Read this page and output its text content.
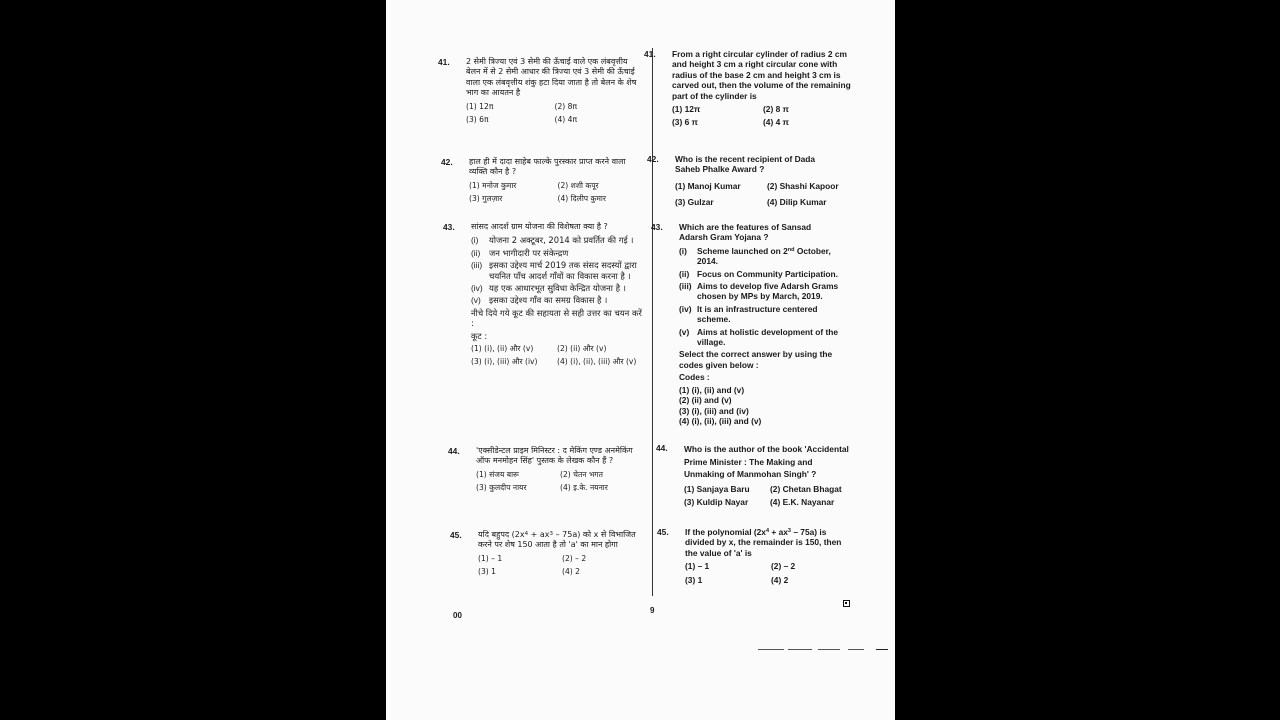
41. 2 सेमी त्रिज्या एवं 3 सेमी की ऊँचाई वाले एक लंबवृत्तीय बेलन में से 2 सेमी आधार की त्रिज्या एवं 3 सेमी की ऊँचाई वाला एक लंबवृत्तीय शंकु हटा दिया जाता है तो बेलन के शेष भाग का आयतन है
(1) 12π	(2) 8π
(3) 6π	(4) 4π
42. हाल ही में दादा साहेब फाल्के पुरस्कार प्राप्त करने वाला व्यक्ति कौन है ?
(1) मनोज कुमार	(2) शशी कपूर
(3) गुलज़ार	(4) दिलीप कुमार
43. सांसद आदर्श ग्राम योजना की विशेषता क्या है ?
(i)	योजना 2 अक्टूबर, 2014 को प्रवर्तित की गई ।
(ii)	जन भागीदारी पर संकेन्द्रण
(iii) इसका उद्देश्य मार्च 2019 तक संसद सदस्यों द्वारा चयनित पाँच आदर्श गाँवों का विकास करना है ।
(iv) यह एक आधारभूत सुविधा केन्द्रित योजना है ।
(v) इसका उद्देश्य गाँव का समग्र विकास है ।
नीचे दिये गये कूट की सहायता से सही उत्तर का चयन करें :
कूट :
(1) (i), (ii) और (v)	(2) (ii) और (v)
(3) (i), (iii) और (iv)	(4) (i), (ii), (iii) और (v)
44. 'एक्सीडेन्टल प्राइम मिनिस्टर : द मेकिंग एण्ड अनमेकिंग ऑफ मनमोहन सिंह' पुस्तक के लेखक कौन हैं ?
(1) संजय बारू	(2) चेतन भगत
(3) कुलदीप नायर	(4) इ.के. नयनार
45. यदि बहुपद $(2x^4 + ax^3 - 75a)$ को x से विभाजित करने पर शेष 150 आता है तो 'a' का मान होगा
(1) – 1	(2) – 2
(3) 1	(4) 2
41. From a right circular cylinder of radius 2 cm and height 3 cm a right circular cone with radius of the base 2 cm and height 3 cm is carved out, then the volume of the remaining part of the cylinder is
(1) 12π	(2) 8 π
(3) 6 π	(4) 4 π
42. Who is the recent recipient of Dada Saheb Phalke Award ?
(1) Manoj Kumar	(2) Shashi Kapoor
(3) Gulzar	(4) Dilip Kumar
43. Which are the features of Sansad Adarsh Gram Yojana ?
(i)	Scheme launched on 2nd October, 2014.
(ii) Focus on Community Participation.
(iii) Aims to develop five Adarsh Grams chosen by MPs by March, 2019.
(iv) It is an infrastructure centered scheme.
(v) Aims at holistic development of the village.
Select the correct answer by using the codes given below :
Codes :
(1) (i), (ii) and (v)
(2) (ii) and (v)
(3) (i), (iii) and (iv)
(4) (i), (ii), (iii) and (v)
44. Who is the author of the book 'Accidental Prime Minister : The Making and Unmaking of Manmohan Singh' ?
(1) Sanjaya Baru	(2) Chetan Bhagat
(3) Kuldip Nayar	(4) E.K. Nayanar
45. If the polynomial $(2x^4 + ax^3 - 75a)$ is divided by x, the remainder is 150, then the value of 'a' is
(1) – 1	(2) – 2
(3) 1	(4) 2
00
9
